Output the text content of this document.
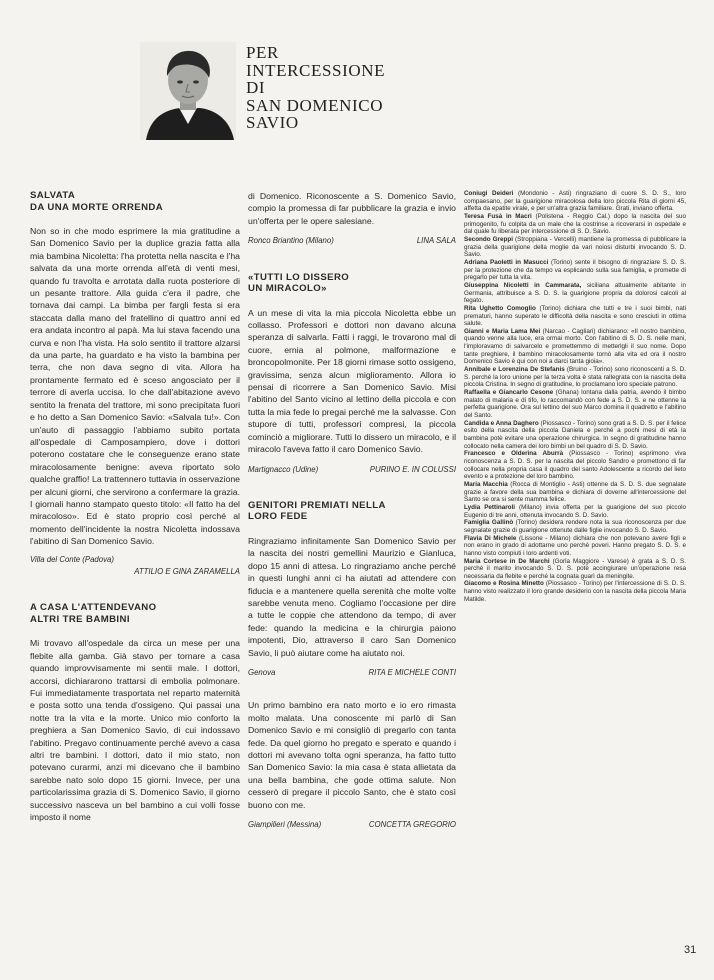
PER
INTERCESSIONE
DI
SAN DOMENICO
SAVIO
SALVATA
DA UNA MORTE ORRENDA

Non so in che modo esprimere la mia gratitudine a San Domenico Savio per la duplice grazia fatta alla mia bambina Nicoletta: l'ha protetta nella nascita e l'ha salvata da una morte orrenda all'età di venti mesi, quando fu travolta e arrotata dalla ruota posteriore di un pesante trattore. Alla guida c'era il padre, che tornava dai campi. La bimba per fargli festa si era staccata dalla mano del fratellino di quattro anni ed era andata incontro al papà. Ma lui stava facendo una curva e non l'ha vista. Ha solo sentito il trattore alzarsi da una parte, ha guardato e ha visto la bambina per terra, che non dava segno di vita. Allora ha prontamente fermato ed è scesо angosciato per il terrore di averla uccisa. Io che dall'abitazione avevo sentito la frenata del trattore, mi sono precipitata fuori e ho detto a San Domenico Savio: «Salvala tu!». Con un'auto di passaggio l'abbiamo subito portata all'ospedale di Camposampiero, dove i dottori poterono costatare che le conseguenze erano state miracolosamente benigne: aveva riportato solo qualche graffio! La trattennero tuttavia in osservazione per alcuni giorni, che servirono a confermare la grazia. I giornali hanno stampato questo titolo: «Il fatto ha del miracoloso». Ed è stato proprio così perché al momento dell'incidente la nostra Nicoletta indossava l'abitino di San Domenico Savio.

Villa del Conte (Padova)
ATTILIO E GINA ZARAMELLA
A CASA L'ATTENDEVANO
ALTRI TRE BAMBINI

Mi trovavo all'ospedale da circa un mese per una flebite alla gamba. Già stavo per tornare a casa quando improvvisamente mi sentii male. I dottori, accorsi, dichiararono trattarsi di embolia polmonare. Fui immediatamente trasportata nel reparto maternità e posta sotto una tenda d'ossigeno. Qui passai una notte tra la vita e la morte. Unico mio conforto la preghiera a San Domenico Savio, di cui indossavo l'abitino. Pregavo continuamente perché avevo a casa altri tre bambini. I dottori, dato il mio stato, non potevano curarmi, anzi mi dicevano che il bambino sarebbe nato solo dopo 15 giorni. Invece, per una particolarissima grazia di S. Domenico Savio, il giorno successivo nasceva un bel bambino a cui volli fosse imposto il nome

di Domenico. Riconoscente a S. Domenico Savio, compio la promessa di far pubblicare la grazia e invio un'offerta per le opere salesiane.

Ronco Briantino (Milano)	LINA SALA
«TUTTI LO DISSERO
UN MIRACOLO»

A un mese di vita la mia piccola Nicoletta ebbe un collasso. Professori e dottori non davano alcuna speranza di salvarla. Fatti i raggi, le trovarono mal di cuore, ernia al polmone, malformazione e broncopolmonite. Per 18 giorni rimase sotto ossigeno, gravissima, senza alcun miglioramento. Allora io pensai di ricorrere a San Domenico Savio. Misi l'abitino del Santo vicino al lettino della piccola e con tutta la mia fede lo pregai perché me la salvasse. Con stupore di tutti, professori compresi, la piccola cominciò a migliorare. Tutti lo dissero un miracolo, e il miracolo l'aveva fatto il caro Domenico Savio.

Martignacco (Udine)	PURINO E. IN COLUSSI
GENITORI PREMIATI NELLA
LORO FEDE

Ringraziamo infinitamente San Domenico Savio per la nascita dei nostri gemellini Maurizio e Gianluca, dopo 15 anni di attesa. Lo ringraziamo anche perché in questi lunghi anni ci ha aiutati ad attendere con fiducia e a mantenere quella serenità che molte volte sarebbe venuta meno. Cogliamo l'occasione per dire a tutte le coppie che attendono da tempo, di aver fede: quando la medicina e la chirurgia paiono impotenti, Dio, attraverso il caro San Domenico Savio, li può aiutare come ha aiutato noi.

Genova	RITA E MICHELE CONTI

Un primo bambino era nato morto e io ero rimasta molto malata. Una conoscente mi parlò di San Domenico Savio e mi consigliò di pregarlo con tanta fede. Da quel giorno ho pregato e sperato e quando i dottori mi avevano tolta ogni speranza, ha fatto tutto San Domenico Savio: la mia casa è stata allietata da una bella bambina, che gode ottima salute. Non cesserò di pregare il piccolo Santo, che è stato così buono con me.

Giampilieri (Messina)	CONCETTA GREGORIO

Coniugi Deideri (Mondonio - Asti) ringraziano di cuore S. D. S., loro compaesano, per la guarigione miracolosa della loro piccola Rita di giorni 45, affetta da epatite virale, e per un'altra grazia familiare. Grati, inviano offerta.

Teresa Fusà in Macri (Polistena - Reggio Cal.) dopo la nascita del suo primogenito, fu colpita da un male che la costrinse a ricoverarsi in ospedale e dal quale fu liberata per intercessione di S. D. Savio.

Secondo Greppi (Stroppiana - Vercelli) mantiene la promessa di pubblicare la grazia della guarigione della moglie da vari noiosi disturbi invocando S. D. Savio.

Adriana Paoletti in Masucci (Torino) sente il bisogno di ringraziare S. D. S. per la protezione che da tempo va esplicando sulla sua famiglia, e promette di pregarlo per tutta la vita.

Giuseppina Nicoletti in Cammarata, siciliana attualmente abitante in Germania, attribuisce a S. D. S. la guarigione propria da dolorosi calcoli al fegato.

Rita Ughetto Comoglio (Torino) dichiara che tutti e tre i suoi bimbi, nati prematuri, hanno superato le difficoltà della nascita e sono cresciuti in ottima salute.

Gianni e Maria Lama Mei (Narcao - Cagliari) dichiarano: «Il nostro bambino, quando venne alla luce, era ormai morto. Con l'abitino di S. D. S. nelle mani, l'imploravamo di salvarcelo e promettemmo di metterlgli il suo nome. Dopo tante preghiere, il bambino miracolosamente tornò alla vita ed ora il nostro Domenico Savio è qui con noi a darci tanta gioia».

Annibale e Lorenzina De Stefanis (Bruino - Torino) sono riconoscenti a S. D. S. perché la loro unione per la terza volta è stata rallegrata con la nascita della piccola Cristina. In segno di gratitudine, lo proclamano loro speciale patrono.

Raffaella e Giancarlo Cesone (Ghana) lontana dalla patria, avendo il bimbo malato di malaria e di tifo, lo raccomandò con fede a S. D. S. e ne ottenne la perfetta guarigione. Ora sul lettino del suo Marco domina il quadretto e l'abitino del Santo.

Candida e Anna Daghero (Piossasco - Torino) sono grati a S. D. S. per il felice esito della nascita della piccola Daniela e perché a pochi mesi di età la bambina potè evitare una operazione chirurgica. In segno di gratitudine hanno collocato nella camera dei loro bimbi un bel quadro di S. D. Savio.

Francesco e Olderina Aburrà (Piossasco - Torino) esprimono viva riconoscenza a S. D. S. per la nascita del piccolo Sandro e promettono di far collocare nella propria casa il quadro del santo Adolescente a ricordo del lieto evento e a protezione del loro bambino.

Maria Macchia (Rocca di Montiglio - Asti) ottenne da S. D. S. due segnalate grazie a favore della sua bambina e dichiara di doverne all'intercessione del Santo se ora si sente mamma felice.

Lydia Pettinaroli (Milano) invia offerta per la guarigione del suo piccolo Eugenio di tre anni, ottenuta invocando S. D. Savio.

Famiglia Gallinò (Torino) desidera rendere nota la sua riconoscenza per due segnalate grazie di guarigione ottenute dalle figlie invocando S. D. Savio.

Flavia Di Michele (Lissone - Milano) dichiara che non potevano avere figli e non erano in grado di adottarne uno perché poveri. Hanno pregato S. D. S. e hanno visto compiuti i loro ardenti voti.

Maria Cortese in De Marchi (Gorla Maggiore - Varese) è grata a S. D. S. perché il marito invocando S. D. S. potè accingiurare un'operazione resa necessaria da flebite e perché la cognata guarì da meningite.

Giacomo e Rosina Minetto (Piossasco - Torino) per l'intercessione di S. D. S. hanno visto realizzato il loro grande desiderio con la nascita della piccola Maria Matilde.

31
